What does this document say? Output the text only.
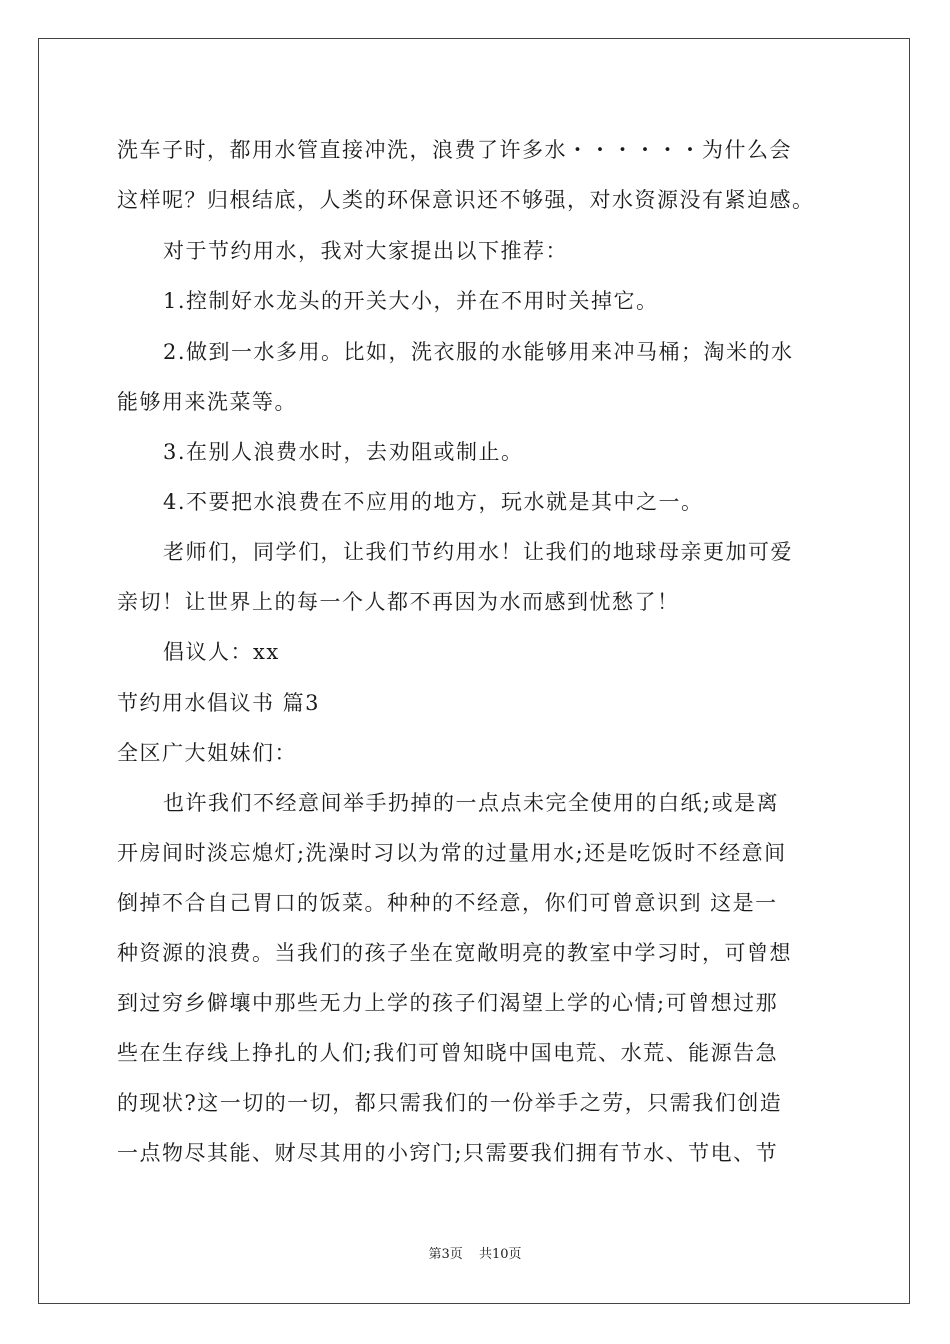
洗车子时，都用水管直接冲洗，浪费了许多水・・・・・・为什么会
这样呢？归根结底，人类的环保意识还不够强，对水资源没有紧迫感。
对于节约用水，我对大家提出以下推荐：
1.控制好水龙头的开关大小，并在不用时关掉它。
2.做到一水多用。比如，洗衣服的水能够用来冲马桶；淘米的水
能够用来洗菜等。
3.在别人浪费水时，去劝阻或制止。
4.不要把水浪费在不应用的地方，玩水就是其中之一。
老师们，同学们，让我们节约用水！让我们的地球母亲更加可爱
亲切！让世界上的每一个人都不再因为水而感到忧愁了！
倡议人：xx
节约用水倡议书 篇3
全区广大姐妹们：
也许我们不经意间举手扔掉的一点点未完全使用的白纸;或是离
开房间时淡忘熄灯;洗澡时习以为常的过量用水;还是吃饭时不经意间
倒掉不合自己胃口的饭菜。种种的不经意，你们可曾意识到 这是一
种资源的浪费。当我们的孩子坐在宽敞明亮的教室中学习时，可曾想
到过穷乡僻壤中那些无力上学的孩子们渴望上学的心情;可曾想过那
些在生存线上挣扎的人们;我们可曾知晓中国电荒、水荒、能源告急
的现状?这一切的一切，都只需我们的一份举手之劳，只需我们创造
一点物尽其能、财尽其用的小窍门;只需要我们拥有节水、节电、节
第3页 共10页
